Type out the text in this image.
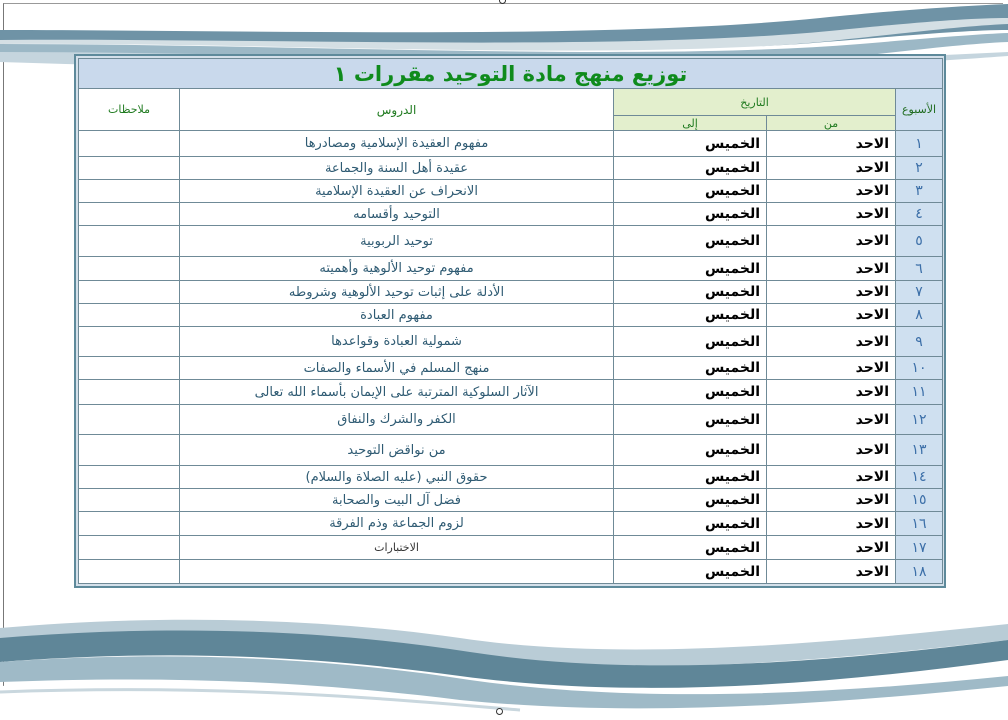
توزيع منهج مادة التوحيد مقررات ١				
الأسبوع	التاريخ		الدروس	ملاحظات
	من	إلى		
١	الاحد	الخميس	مفهوم العقيدة الإسلامية ومصادرها	
٢	الاحد	الخميس	عقيدة أهل السنة والجماعة	
٣	الاحد	الخميس	الانحراف عن العقيدة الإسلامية	
٤	الاحد	الخميس	التوحيد وأقسامه	
٥	الاحد	الخميس	توحيد الربوبية	
٦	الاحد	الخميس	مفهوم توحيد الألوهية وأهميته	
٧	الاحد	الخميس	الأدلة على إثبات توحيد الألوهية وشروطه	
٨	الاحد	الخميس	مفهوم العبادة	
٩	الاحد	الخميس	شمولية العبادة وقواعدها	
١٠	الاحد	الخميس	منهج المسلم في الأسماء والصفات	
١١	الاحد	الخميس	الآثار السلوكية المترتبة على الإيمان بأسماء الله تعالى	
١٢	الاحد	الخميس	الكفر والشرك والنفاق	
١٣	الاحد	الخميس	من نواقض التوحيد	
١٤	الاحد	الخميس	حقوق النبي (عليه الصلاة والسلام)	
١٥	الاحد	الخميس	فضل آل البيت والصحابة	
١٦	الاحد	الخميس	لزوم الجماعة وذم الفرقة	
١٧	الاحد	الخميس	الاختبارات	
١٨	الاحد	الخميس		
